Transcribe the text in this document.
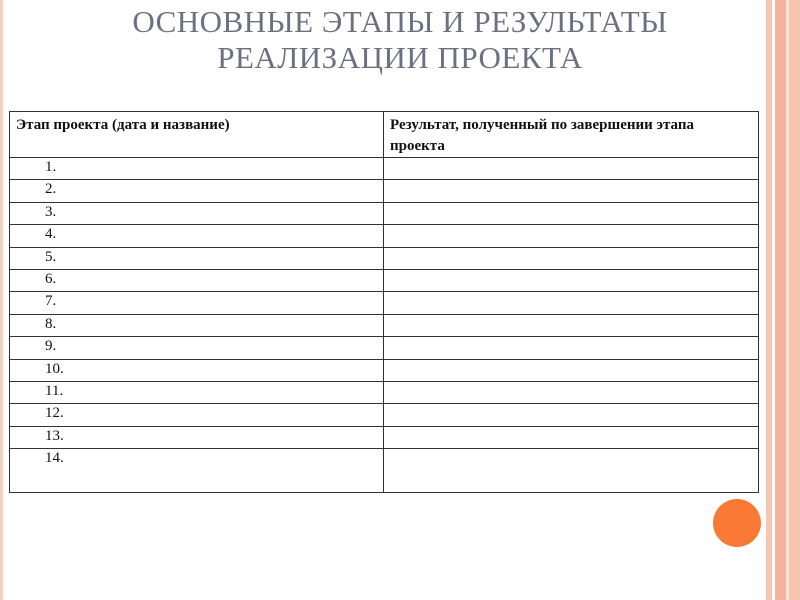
ОСНОВНЫЕ ЭТАПЫ И РЕЗУЛЬТАТЫ
РЕАЛИЗАЦИИ ПРОЕКТА
Этап проекта (дата и название)	Результат, полученный по завершении этапа проекта
1.	
2.	
3.	
4.	
5.	
6.	
7.	
8.	
9.	
10.	
11.	
12.	
13.	
14.	
